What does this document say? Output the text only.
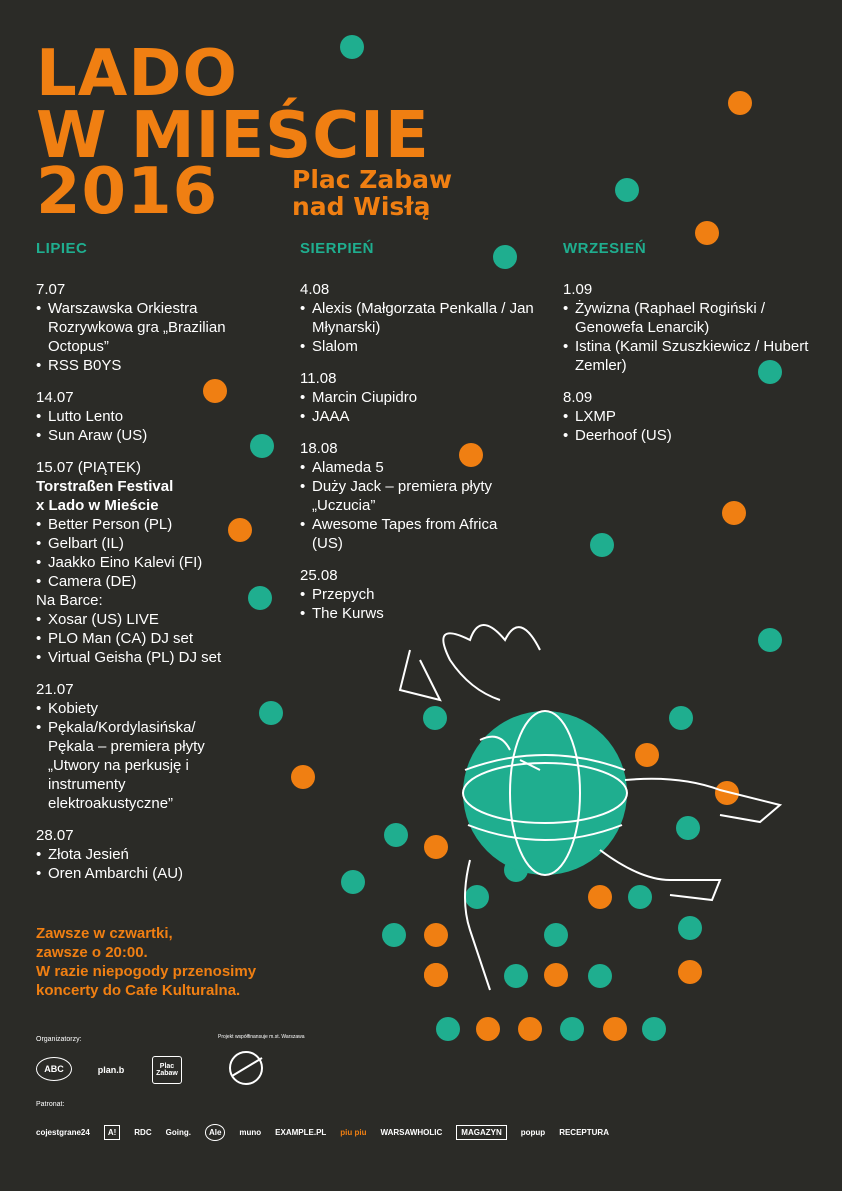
LADO
W MIEŚCIE
2016	Plac Zabaw
nad Wisłą
LIPIEC	SIERPIEŃ	WRZESIEŃ
7.07
• Warszawska Orkiestra Rozrywkowa gra „Brazilian Octopus”
• RSS B0YS
14.07
• Lutto Lento
• Sun Araw (US)
15.07 (PIĄTEK)
Torstraßen Festival
x Lado w Mieście
• Better Person (PL)
• Gelbart (IL)
• Jaakko Eino Kalevi (FI)
• Camera (DE)
Na Barce:
• Xosar (US) LIVE
• PLO Man (CA) DJ set
• Virtual Geisha (PL) DJ set
21.07
• Kobiety
• Pękala/Kordylasińska/ Pękala – premiera płyty „Utwory na perkusję i instrumenty elektroakustyczne”
28.07
• Złota Jesień
• Oren Ambarchi (AU)
4.08
• Alexis (Małgorzata Penkalla / Jan Młynarski)
• Slalom
11.08
• Marcin Ciupidro
• JAAA
18.08
• Alameda 5
• Duży Jack – premiera płyty „Uczucia”
• Awesome Tapes from Africa (US)
25.08
• Przepych
• The Kurws
1.09
• Żywizna (Raphael Rogiński / Genowefa Lenarcik)
• Istina (Kamil Szuszkiewicz / Hubert Zemler)
8.09
• LXMP
• Deerhoof (US)
Zawsze w czwartki,
zawsze o 20:00.
W razie niepogody przenosimy
koncerty do Cafe Kulturalna.
Organizatorzy:	Projekt współfinansuje m.st. Warszawa
ABC	plan.b	Plac Zabaw
Patronat:
cojestgrane24	A!	RDC Going.	Ale	muno EXAMPLE.PL piu piu WARSAWHOLIC	MAGAZYN	popup RECEPTURA
